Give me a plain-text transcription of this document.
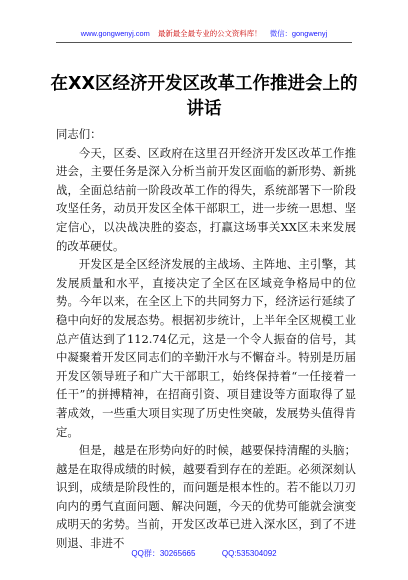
www.gongwenyj.com 最新最全最专业的公文资料库！ 微信：gongwenyj
在XX区经济开发区改革工作推进会上的
讲话

同志们：

今天，区委、区政府在这里召开经济开发区改革工作推进会，主要任务是深入分析当前开发区面临的新形势、新挑战，全面总结前一阶段改革工作的得失，系统部署下一阶段攻坚任务，动员开发区全体干部职工，进一步统一思想、坚定信心，以决战决胜的姿态，打赢这场事关XX区未来发展的改革硬仗。

开发区是全区经济发展的主战场、主阵地、主引擎，其发展质量和水平，直接决定了全区在区域竞争格局中的位势。今年以来，在全区上下的共同努力下，经济运行延续了稳中向好的发展态势。根据初步统计，上半年全区规模工业总产值达到了112.74亿元，这是一个令人振奋的信号，其中凝聚着开发区同志们的辛勤汗水与不懈奋斗。特别是历届开发区领导班子和广大干部职工，始终保持着“一任接着一任干”的拼搏精神，在招商引资、项目建设等方面取得了显著成效，一些重大项目实现了历史性突破，发展势头值得肯定。

但是，越是在形势向好的时候，越要保持清醒的头脑；越是在取得成绩的时候，越要看到存在的差距。必须深刻认识到，成绩是阶段性的，而问题是根本性的。若不能以刀刃向内的勇气直面问题、解决问题，今天的优势可能就会演变成明天的劣势。当前，开发区改革已进入深水区，到了不进则退、非进不

QQ群：30265665	QQ:535304092
